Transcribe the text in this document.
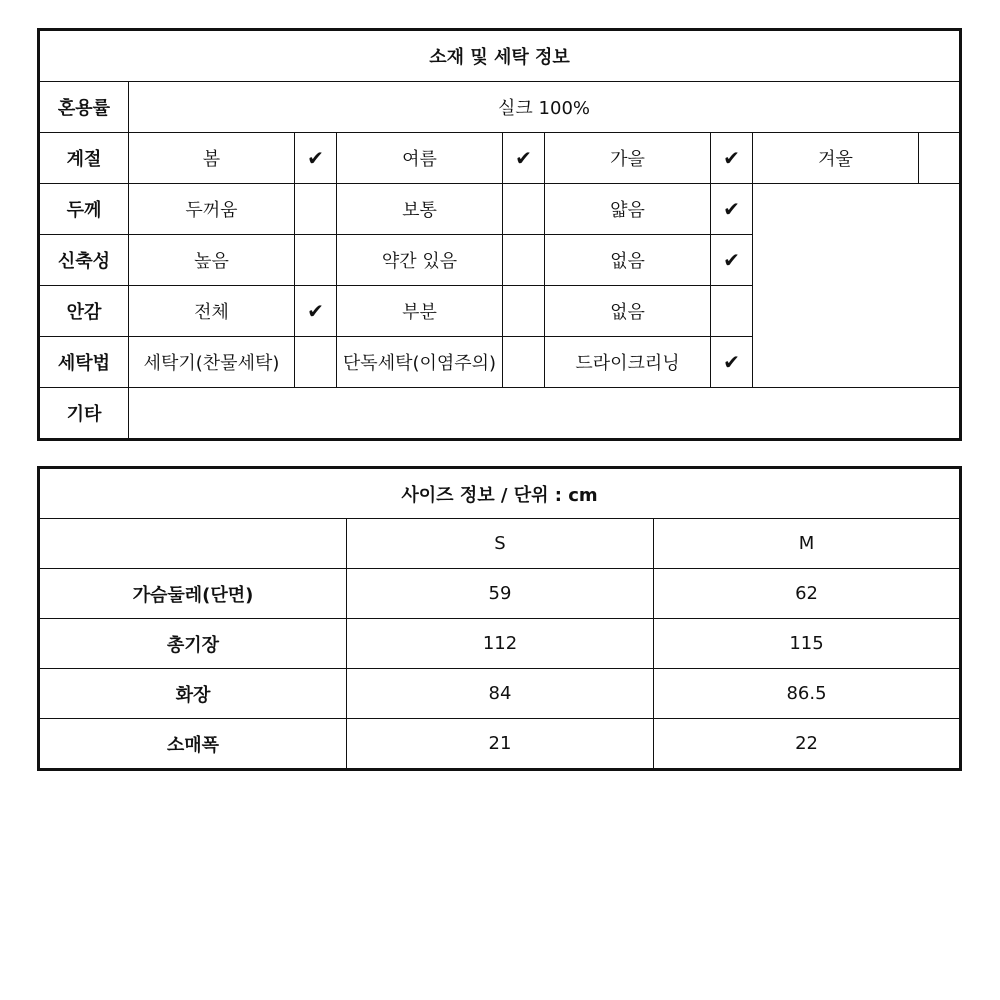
소재 및 세탁 정보								
혼용률	실크 100%							
계절	봄	✔	여름	✔	가을	✔	겨울	
두께	두꺼움		보통		얇음	✔		
신축성	높음		약간 있음		없음	✔		
안감	전체	✔	부분		없음			
세탁법	세탁기(찬물세탁)		단독세탁(이염주의)		드라이크리닝	✔		
기타								
사이즈 정보 / 단위 : cm		
	S	M
가슴둘레(단면)	59	62
총기장	112	115
화장	84	86.5
소매폭	21	22
